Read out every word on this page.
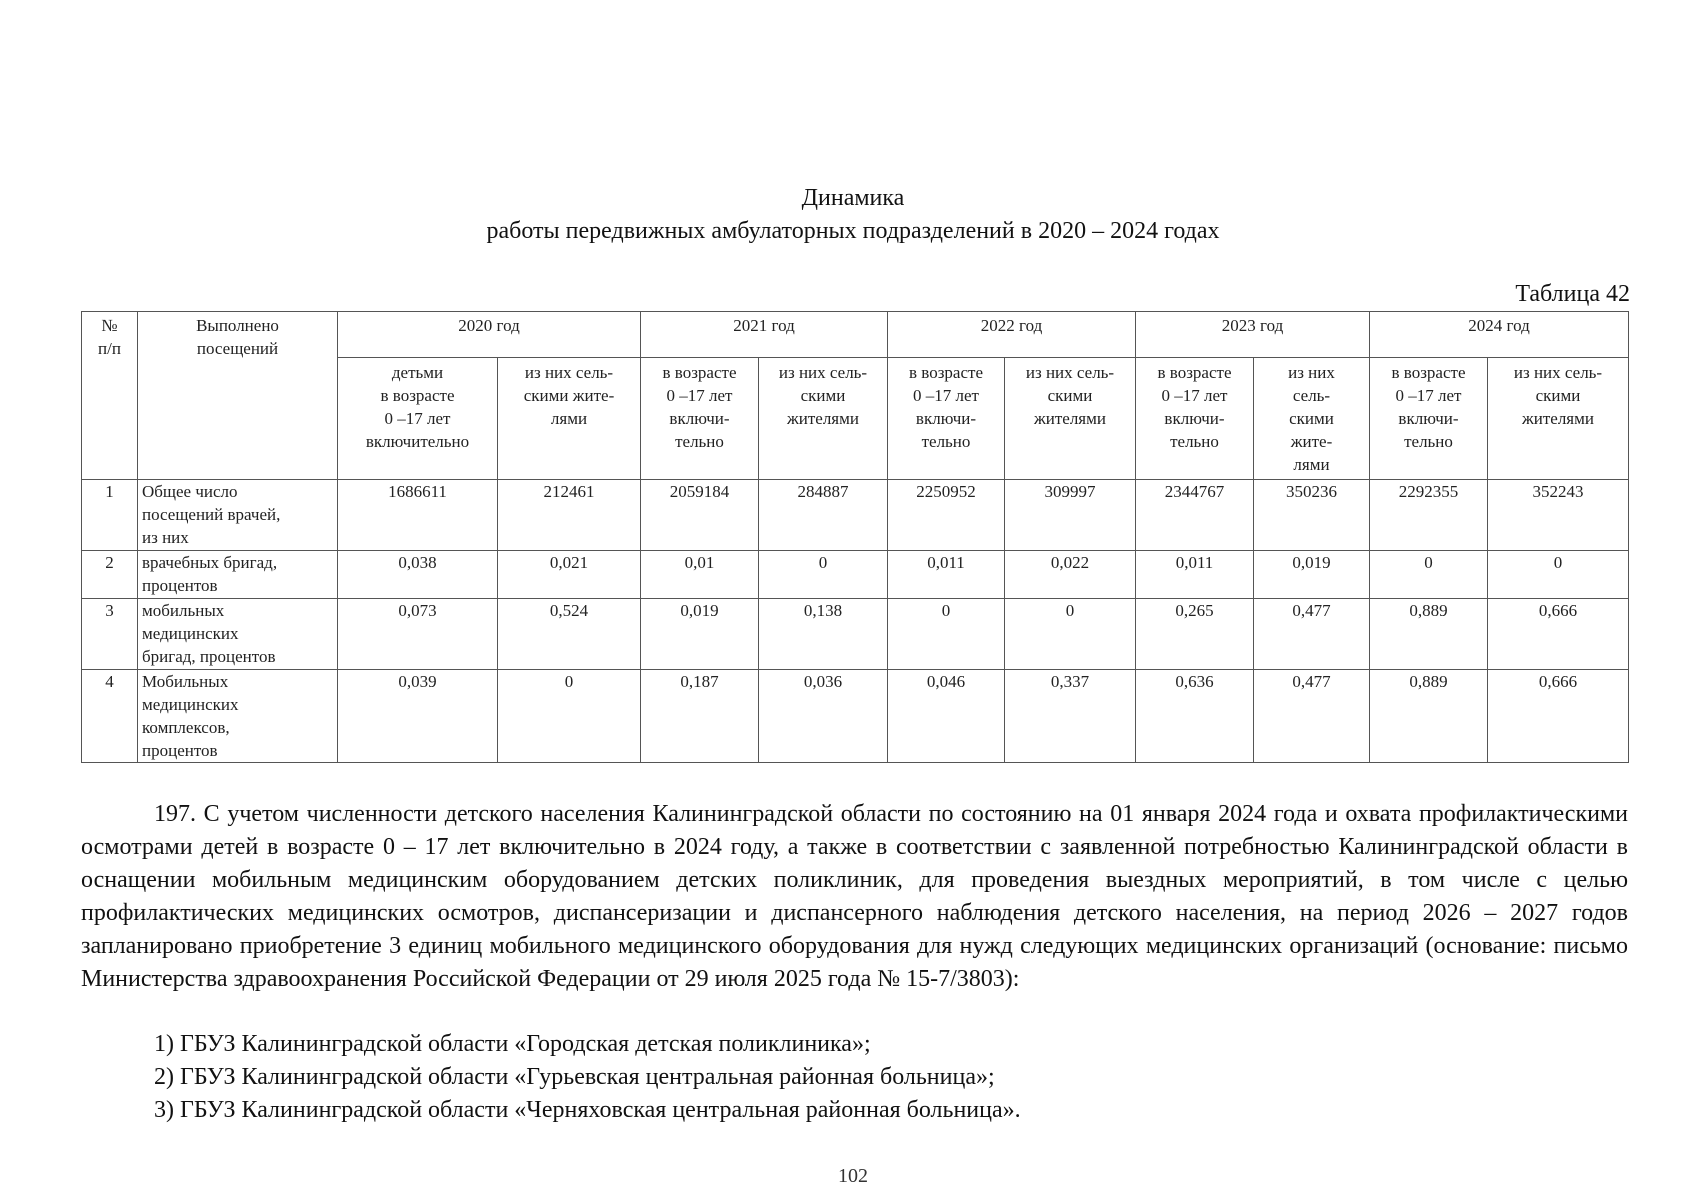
Динамика
работы передвижных амбулаторных подразделений в 2020 – 2024 годах
Таблица 42
№
п/п	Выполнено
посещений	2020 год		2021 год		2022 год		2023 год		2024 год	
		детьми
в возрасте
0 –17 лет
включительно	из них сель-
скими жите-
лями	в возрасте
0 –17 лет
включи-
тельно	из них сель-
скими
жителями	в возрасте
0 –17 лет
включи-
тельно	из них сель-
скими
жителями	в возрасте
0 –17 лет
включи-
тельно	из них
сель-
скими
жите-
лями	в возрасте
0 –17 лет
включи-
тельно	из них сель-
скими
жителями
1	Общее число
посещений врачей,
из них	1686611	212461	2059184	284887	2250952	309997	2344767	350236	2292355	352243
2	врачебных бригад,
процентов	0,038	0,021	0,01	0	0,011	0,022	0,011	0,019	0	0
3	мобильных
медицинских
бригад, процентов	0,073	0,524	0,019	0,138	0	0	0,265	0,477	0,889	0,666
4	Мобильных
медицинских
комплексов,
процентов	0,039	0	0,187	0,036	0,046	0,337	0,636	0,477	0,889	0,666
197. С учетом численности детского населения Калининградской области по состоянию на 01 января 2024 года и охвата профилактическими осмотрами детей в возрасте 0 – 17 лет включительно в 2024 году, а также в соответствии с заявленной потребностью Калининградской области в оснащении мобильным медицинским оборудованием детских поликлиник, для проведения выездных мероприятий, в том числе с целью профилактических медицинских осмотров, диспансеризации и диспансерного наблюдения детского населения, на период 2026 – 2027 годов запланировано приобретение 3 единиц мобильного медицинского оборудования для нужд следующих медицинских организаций (основание: письмо Министерства здравоохранения Российской Федерации от 29 июля 2025 года № 15-7/3803):
1) ГБУЗ Калининградской области «Городская детская поликлиника»;
2) ГБУЗ Калининградской области «Гурьевская центральная районная больница»;
3) ГБУЗ Калининградской области «Черняховская центральная районная больница».
102
